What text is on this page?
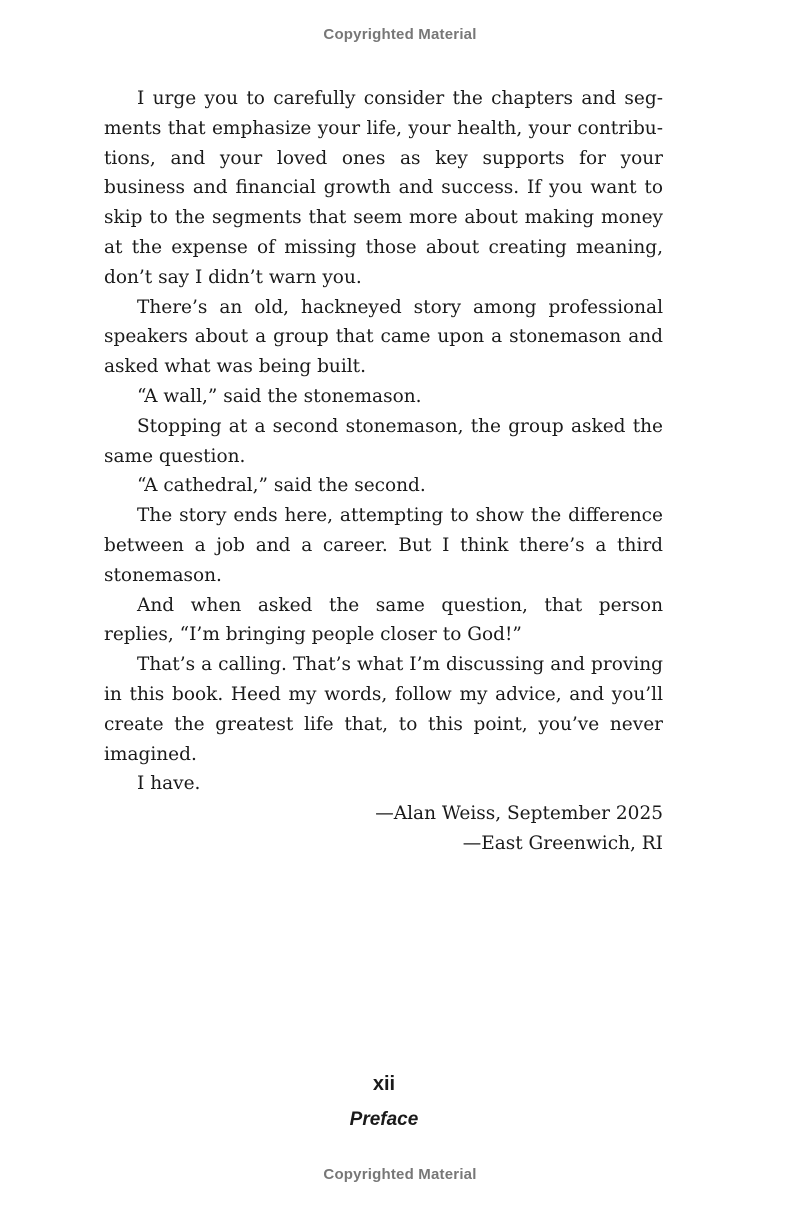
Copyrighted Material

I urge you to carefully consider the chapters and segments that emphasize your life, your health, your contributions, and your loved ones as key supports for your business and financial growth and success. If you want to skip to the segments that seem more about making money at the expense of missing those about creating meaning, don’t say I didn’t warn you.

There’s an old, hackneyed story among professional speakers about a group that came upon a stonemason and asked what was being built.

“A wall,” said the stonemason.

Stopping at a second stonemason, the group asked the same question.

“A cathedral,” said the second.

The story ends here, attempting to show the difference between a job and a career. But I think there’s a third stonemason.

And when asked the same question, that person replies, “I’m bringing people closer to God!”

That’s a calling. That’s what I’m discussing and proving in this book. Heed my words, follow my advice, and you’ll create the greatest life that, to this point, you’ve never imagined.

I have.

—Alan Weiss, September 2025
—East Greenwich, RI
xii
Preface
Copyrighted Material
